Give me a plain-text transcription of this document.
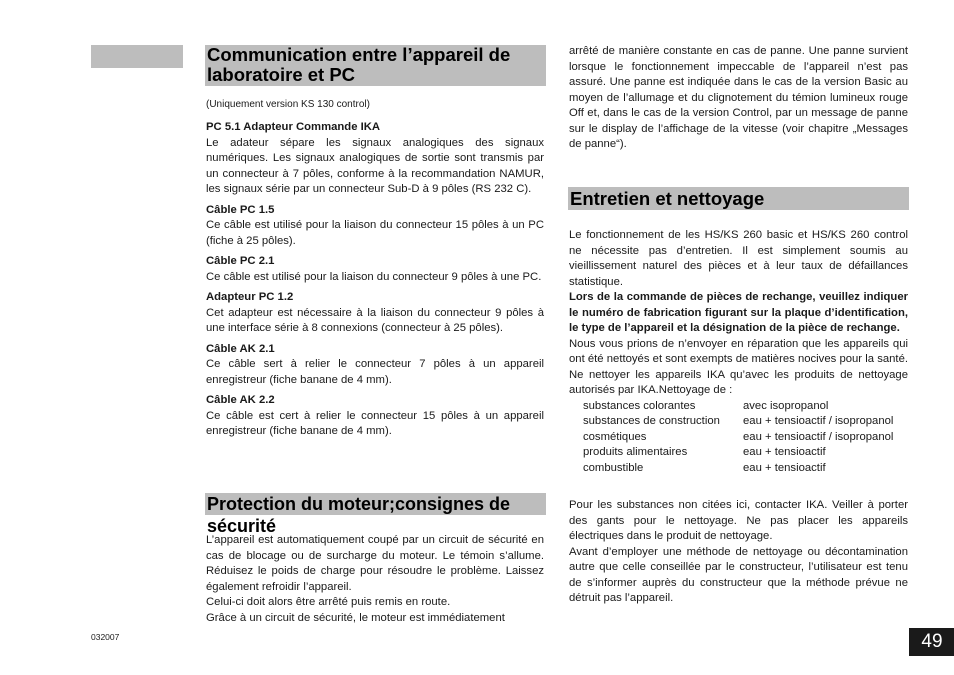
Communication entre l’appareil de
laboratoire et PC
(Uniquement version KS 130 control)

PC 5.1 Adapteur Commande IKA

Le adateur sépare les signaux analogiques des signaux numériques. Les signaux analogiques de sortie sont transmis par un connecteur à 7 pôles, conforme à la recommandation NAMUR, les signaux série par un connecteur Sub-D à 9 pôles (RS 232 C).

Câble PC 1.5

Ce câble est utilisé pour la liaison du connecteur 15 pôles à un PC (fiche à 25 pôles).

Câble PC 2.1

Ce câble est utilisé pour la liaison du connecteur 9 pôles à une PC.

Adapteur PC 1.2

Cet adapteur est nécessaire à la liaison du connecteur 9 pôles à une interface série à 8 connexions (connecteur à 25 pôles).

Câble AK 2.1

Ce câble sert à relier le connecteur 7 pôles à un appareil enregistreur (fiche banane de 4 mm).

Câble AK 2.2

Ce câble est cert à relier le connecteur 15 pôles à un appareil enregistreur (fiche banane de 4 mm).

Protection du moteur;consignes de sécurité

L’appareil est automatiquement coupé par un circuit de sécurité en cas de blocage ou de surcharge du moteur. Le témoin s’allume. Réduisez le poids de charge pour résoudre le problème. Laissez également refroidir l’appareil.

Celui-ci doit alors être arrêté puis remis en route.

Grâce à un circuit de sécurité, le moteur est immédiatement

arrêté de manière constante en cas de panne. Une panne survient lorsque le fonctionnement impeccable de l’appareil n’est pas assuré. Une panne est indiquée dans le cas de la version Basic au moyen de l’allumage et du clignotement du témion lumineux rouge Off et, dans le cas de la version Control, par un message de panne sur le display de l’affichage de la vitesse (voir chapitre „Messages de panne“).

Entretien et nettoyage

Le fonctionnement de les HS/KS 260 basic et HS/KS 260 control ne nécessite pas d’entretien. Il est simplement soumis au vieillissement naturel des pièces et à leur taux de défaillances statistique.

Lors de la commande de pièces de rechange, veuillez indiquer le numéro de fabrication figurant sur la plaque d’identification, le type de l’appareil et la désignation de la pièce de rechange.

Nous vous prions de n’envoyer en réparation que les appareils qui ont été nettoyés et sont exempts de matières nocives pour la santé. Ne nettoyer les appareils IKA qu’avec les produits de nettoyage autorisés par IKA.Nettoyage de :

substances colorantes	avec isopropanol
substances de construction	eau + tensioactif / isopropanol
cosmétiques	eau + tensioactif / isopropanol
produits alimentaires	eau + tensioactif
combustible	eau + tensioactif

Pour les substances non citées ici, contacter IKA. Veiller à porter des gants pour le nettoyage. Ne pas placer les appareils électriques dans le produit de nettoyage.

Avant d’employer une méthode de nettoyage ou décontamination autre que celle conseillée par le constructeur, l’utilisateur est tenu de s’informer auprès du constructeur que la méthode prévue ne détruit pas l’appareil.

032007	49
